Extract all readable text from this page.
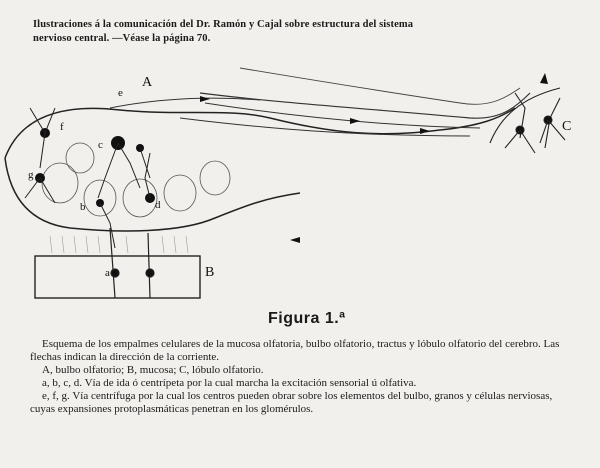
Ilustraciones á la comunicación del Dr. Ramón y Cajal sobre estructura del sistema

nervioso central. —Véase la página 70.
A
B
C
a
b
c
d
e
f
g
Figura 1.ª

Esquema de los empalmes celulares de la mucosa olfatoria, bulbo olfatorio, tractus y lóbulo olfatorio del cerebro. Las flechas indican la dirección de la corriente.

A, bulbo olfatorio; B, mucosa; C, lóbulo olfatorio.

a, b, c, d. Vía de ida ó centrípeta por la cual marcha la excitación sensorial ú olfativa.

e, f, g. Vía centrífuga por la cual los centros pueden obrar sobre los elementos del bulbo, granos y células nerviosas, cuyas expansiones protoplasmáticas penetran en los glomérulos.
